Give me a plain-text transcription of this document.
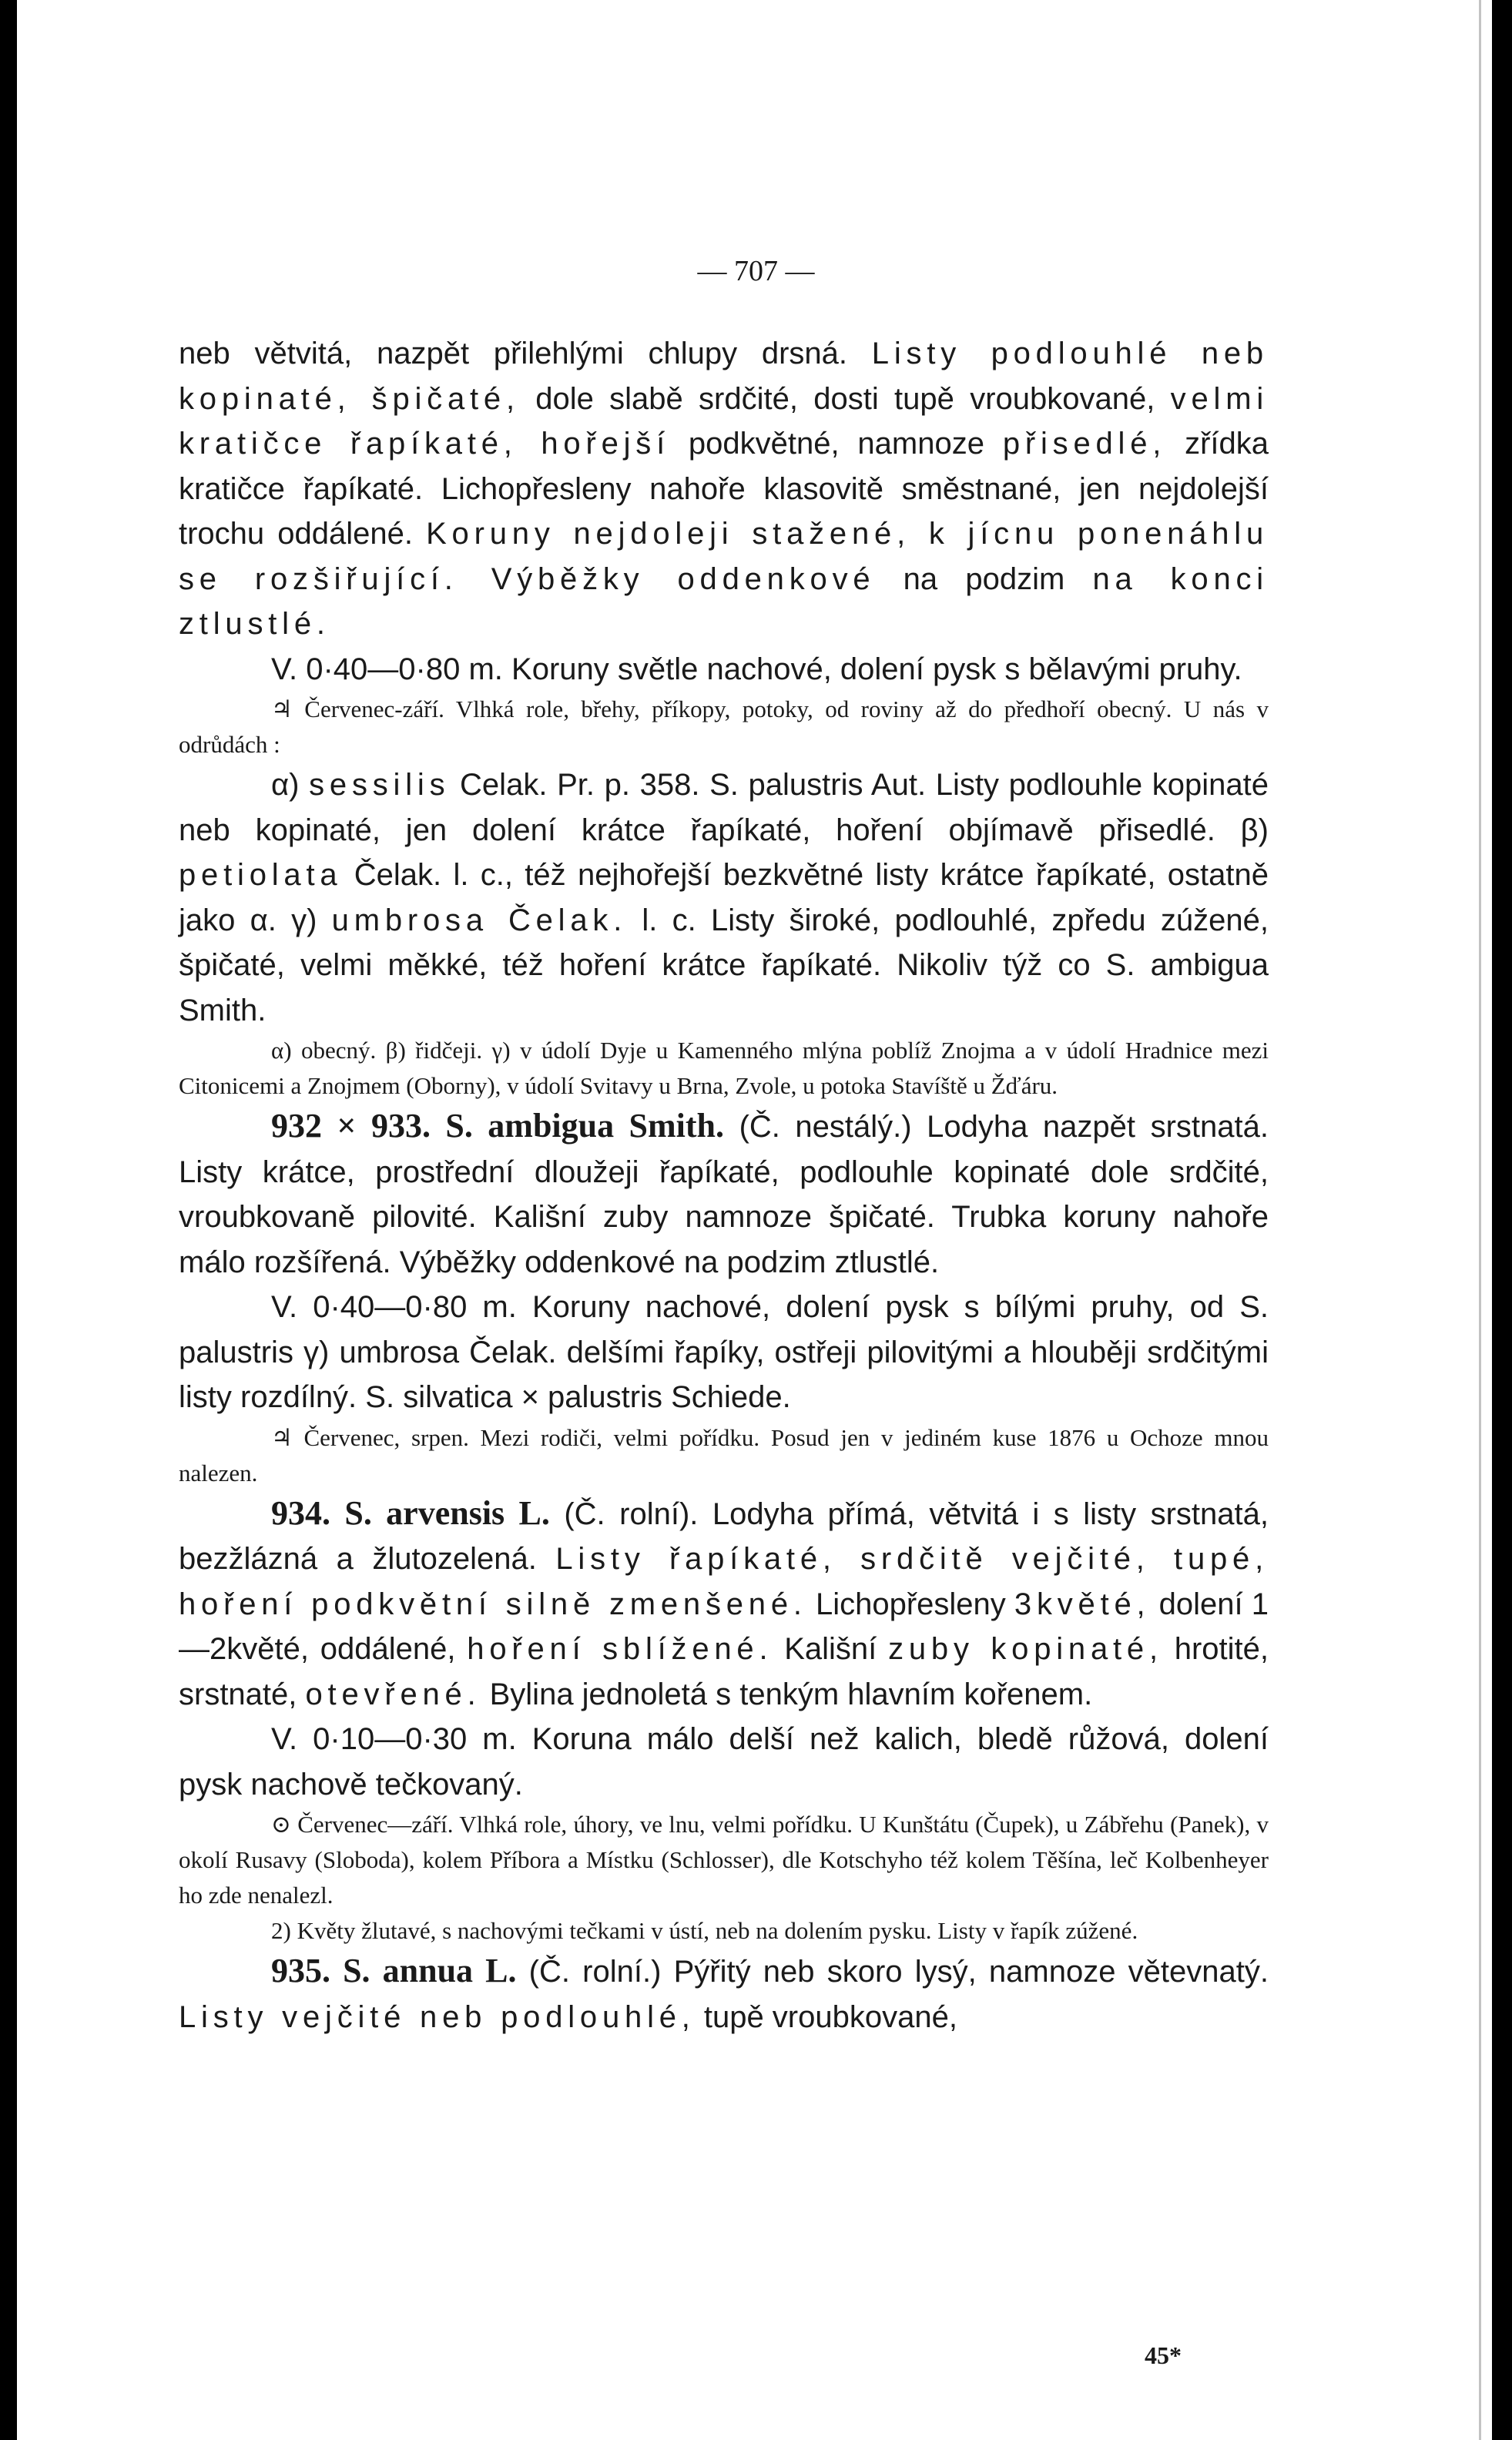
— 707 —

neb větvitá, nazpět přilehlými chlupy drsná. Listy podlouhlé neb kopinaté, špičaté, dole slabě srdčité, dosti tupě vroubkované, velmi kratičce řapíkaté, hořejší podkvětné, namnoze přisedlé, zřídka kratičce řapíkaté. Lichopřesleny nahoře klasovitě směstnané, jen nejdolejší trochu oddálené. Koruny nejdoleji stažené, k jícnu ponenáhlu se rozšiřující. Výběžky oddenkové na podzim na konci ztlustlé.

V. 0·40—0·80 m. Koruny světle nachové, dolení pysk s bělavými pruhy.

♃ Červenec-září. Vlhká role, břehy, příkopy, potoky, od roviny až do předhoří obecný. U nás v odrůdách :

α) sessilis Celak. Pr. p. 358. S. palustris Aut. Listy podlouhle kopinaté neb kopinaté, jen dolení krátce řapíkaté, hoření objímavě přisedlé. β) petiolata Čelak. l. c., též nejhořejší bezkvětné listy krátce řapíkaté, ostatně jako α. γ) umbrosa Čelak. l. c. Listy široké, podlouhlé, zpředu zúžené, špičaté, velmi měkké, též hoření krátce řapíkaté. Nikoliv týž co S. ambigua Smith.

α) obecný. β) řidčeji. γ) v údolí Dyje u Kamenného mlýna poblíž Znojma a v údolí Hradnice mezi Citonicemi a Znojmem (Oborny), v údolí Svitavy u Brna, Zvole, u potoka Stavíště u Žďáru.

932 × 933. S. ambigua Smith. (Č. nestálý.) Lodyha nazpět srstnatá. Listy krátce, prostřední dloužeji řapíkaté, podlouhle kopinaté dole srdčité, vroubkovaně pilovité. Kališní zuby namnoze špičaté. Trubka koruny nahoře málo rozšířená. Výběžky oddenkové na podzim ztlustlé.

V. 0·40—0·80 m. Koruny nachové, dolení pysk s bílými pruhy, od S. palustris γ) umbrosa Čelak. delšími řapíky, ostřeji pilovitými a hlouběji srdčitými listy rozdílný. S. silvatica × palustris Schiede.

♃ Červenec, srpen. Mezi rodiči, velmi pořídku. Posud jen v jediném kuse 1876 u Ochoze mnou nalezen.

934. S. arvensis L. (Č. rolní). Lodyha přímá, větvitá i s listy srstnatá, bezžlázná a žlutozelená. Listy řapíkaté, srdčitě vejčité, tupé, hoření podkvětní silně zmenšené. Lichopřesleny 3květé, dolení 1—2květé, oddálené, hoření sblížené. Kališní zuby kopinaté, hrotité, srstnaté, otevřené. Bylina jednoletá s tenkým hlavním kořenem.

V. 0·10—0·30 m. Koruna málo delší než kalich, bledě růžová, dolení pysk nachově tečkovaný.

⊙ Červenec—září. Vlhká role, úhory, ve lnu, velmi pořídku. U Kunštátu (Čupek), u Zábřehu (Panek), v okolí Rusavy (Sloboda), kolem Příbora a Místku (Schlosser), dle Kotschyho též kolem Těšína, leč Kolbenheyer ho zde nenalezl.

2) Květy žlutavé, s nachovými tečkami v ústí, neb na dolením pysku. Listy v řapík zúžené.

935. S. annua L. (Č. rolní.) Pýřitý neb skoro lysý, namnoze větevnatý. Listy vejčité neb podlouhlé, tupě vroubkované,

45*
